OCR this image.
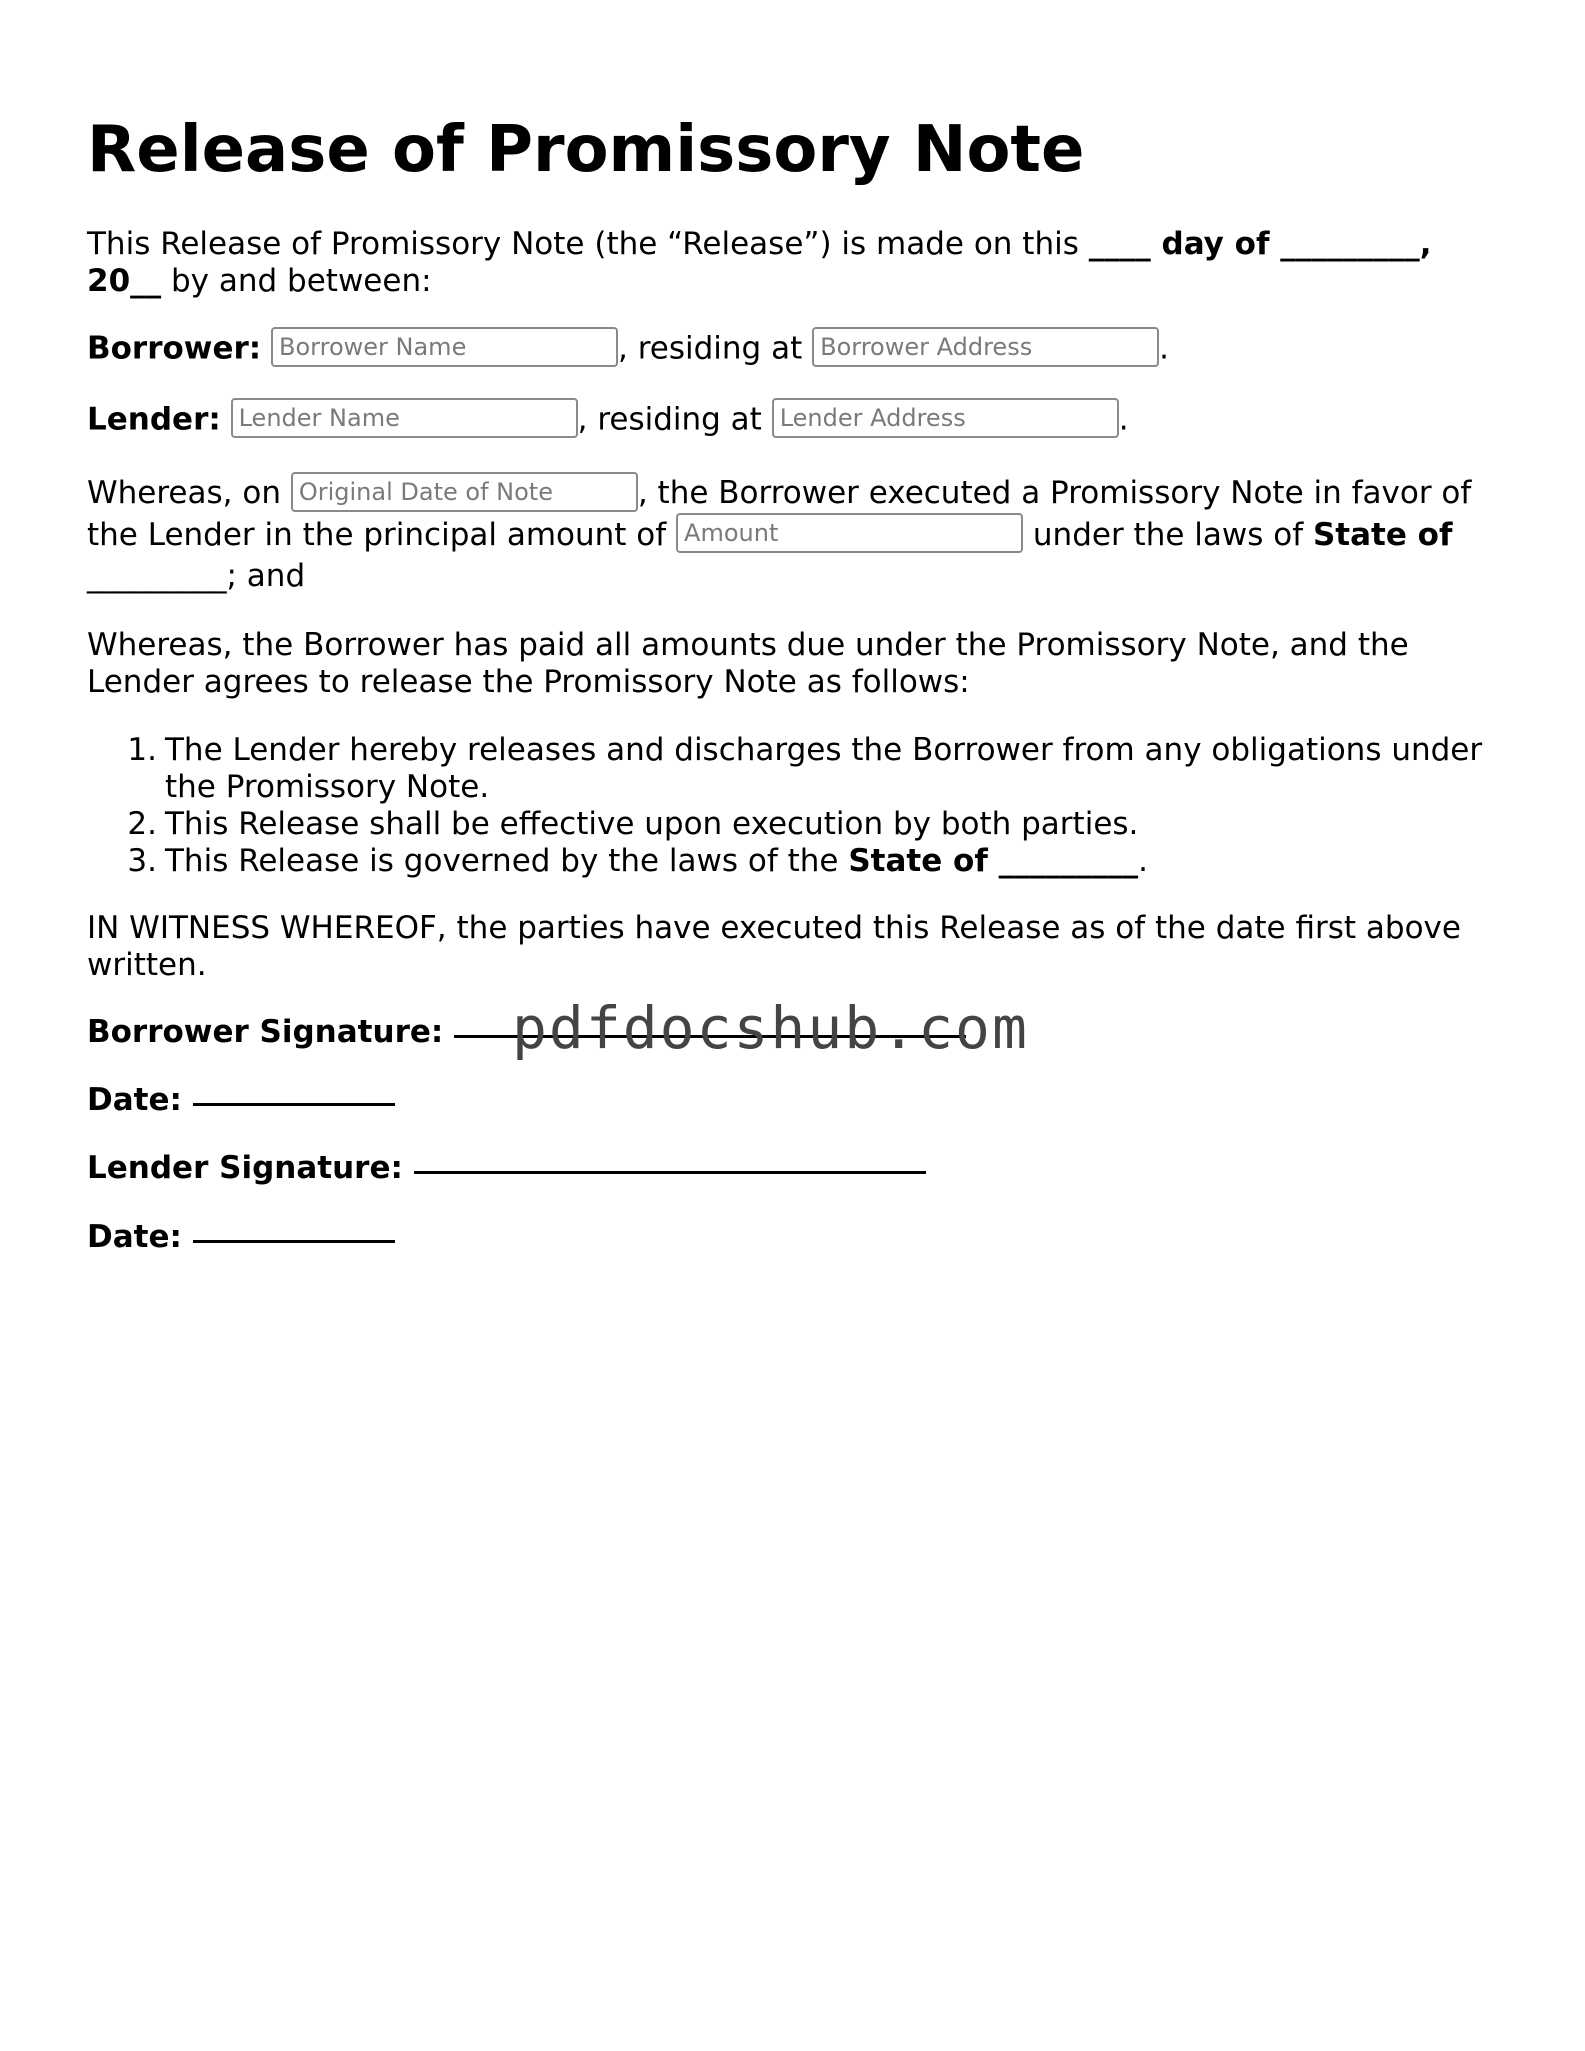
Release of Promissory Note
This Release of Promissory Note (the “Release”) is made on this ____ day of _________,
20__ by and between:
Borrower: Borrower Name	, residing at Borrower Address	.
Lender: Lender Name	, residing at Lender Address	.
Whereas, on Original Date of Note	, the Borrower executed a Promissory Note in favor of
the Lender in the principal amount of Amount	under the laws of State of
_________; and
Whereas, the Borrower has paid all amounts due under the Promissory Note, and the
Lender agrees to release the Promissory Note as follows:
1. The Lender hereby releases and discharges the Borrower from any obligations under the Promissory Note.
2. This Release shall be effective upon execution by both parties.
3. This Release is governed by the laws of the State of _________.
IN WITNESS WHEREOF, the parties have executed this Release as of the date first above
written.
Borrower Signature:
Date:
Lender Signature:
Date:
pdfdocshub.com
